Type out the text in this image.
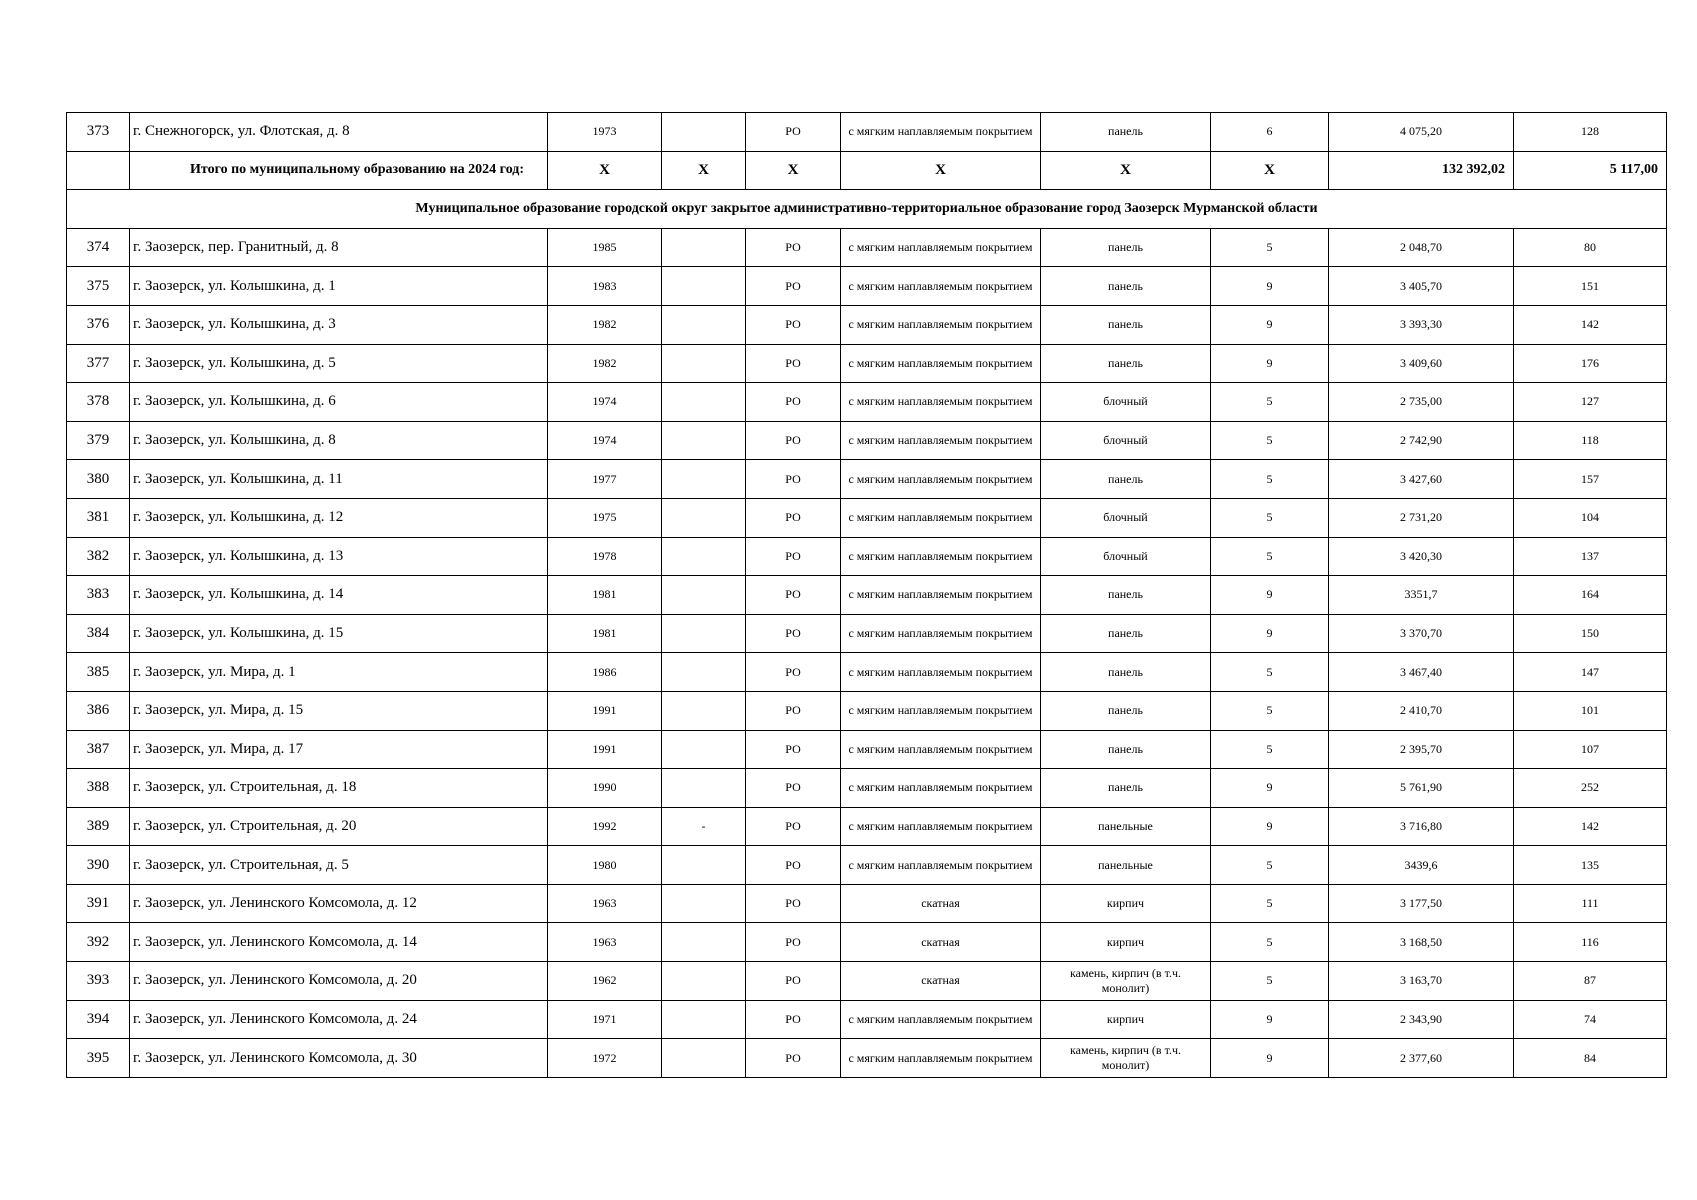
373	г. Снежногорск, ул. Флотская, д. 8	1973		РО	с мягким наплавляемым покрытием	панель	6	4 075,20	128
	Итого по муниципальному образованию на 2024 год:	X	X	X	X	X	X	132 392,02	5 117,00
Муниципальное образование городской округ закрытое административно-территориальное образование город Заозерск Мурманской области									
374	г. Заозерск, пер. Гранитный, д. 8	1985		РО	с мягким наплавляемым покрытием	панель	5	2 048,70	80
375	г. Заозерск, ул. Колышкина, д. 1	1983		РО	с мягким наплавляемым покрытием	панель	9	3 405,70	151
376	г. Заозерск, ул. Колышкина, д. 3	1982		РО	с мягким наплавляемым покрытием	панель	9	3 393,30	142
377	г. Заозерск, ул. Колышкина, д. 5	1982		РО	с мягким наплавляемым покрытием	панель	9	3 409,60	176
378	г. Заозерск, ул. Колышкина, д. 6	1974		РО	с мягким наплавляемым покрытием	блочный	5	2 735,00	127
379	г. Заозерск, ул. Колышкина, д. 8	1974		РО	с мягким наплавляемым покрытием	блочный	5	2 742,90	118
380	г. Заозерск, ул. Колышкина, д. 11	1977		РО	с мягким наплавляемым покрытием	панель	5	3 427,60	157
381	г. Заозерск, ул. Колышкина, д. 12	1975		РО	с мягким наплавляемым покрытием	блочный	5	2 731,20	104
382	г. Заозерск, ул. Колышкина, д. 13	1978		РО	с мягким наплавляемым покрытием	блочный	5	3 420,30	137
383	г. Заозерск, ул. Колышкина, д. 14	1981		РО	с мягким наплавляемым покрытием	панель	9	3351,7	164
384	г. Заозерск, ул. Колышкина, д. 15	1981		РО	с мягким наплавляемым покрытием	панель	9	3 370,70	150
385	г. Заозерск, ул. Мира, д. 1	1986		РО	с мягким наплавляемым покрытием	панель	5	3 467,40	147
386	г. Заозерск, ул. Мира, д. 15	1991		РО	с мягким наплавляемым покрытием	панель	5	2 410,70	101
387	г. Заозерск, ул. Мира, д. 17	1991		РО	с мягким наплавляемым покрытием	панель	5	2 395,70	107
388	г. Заозерск, ул. Строительная, д. 18	1990		РО	с мягким наплавляемым покрытием	панель	9	5 761,90	252
389	г. Заозерск, ул. Строительная, д. 20	1992	-	РО	с мягким наплавляемым покрытием	панельные	9	3 716,80	142
390	г. Заозерск, ул. Строительная, д. 5	1980		РО	с мягким наплавляемым покрытием	панельные	5	3439,6	135
391	г. Заозерск, ул. Ленинского Комсомола, д. 12	1963		РО	скатная	кирпич	5	3 177,50	111
392	г. Заозерск, ул. Ленинского Комсомола, д. 14	1963		РО	скатная	кирпич	5	3 168,50	116
393	г. Заозерск, ул. Ленинского Комсомола, д. 20	1962		РО	скатная	камень, кирпич (в т.ч. монолит)	5	3 163,70	87
394	г. Заозерск, ул. Ленинского Комсомола, д. 24	1971		РО	с мягким наплавляемым покрытием	кирпич	9	2 343,90	74
395	г. Заозерск, ул. Ленинского Комсомола, д. 30	1972		РО	с мягким наплавляемым покрытием	камень, кирпич (в т.ч. монолит)	9	2 377,60	84
